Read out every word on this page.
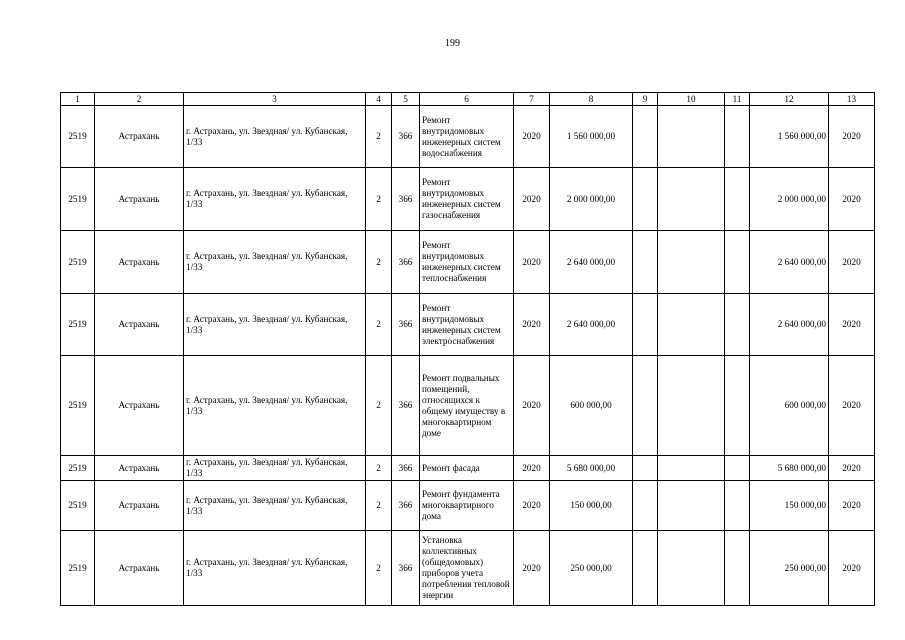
199
1	2	3	4	5	6	7	8	9	10	11	12	13
2519	Астрахань	г. Астрахань, ул. Звездная/ ул. Кубанская, 1/33	2	366	Ремонт внутридомовых инженерных систем водоснабжения	2020	1 560 000,00				1 560 000,00	2020
2519	Астрахань	г. Астрахань, ул. Звездная/ ул. Кубанская, 1/33	2	366	Ремонт внутридомовых инженерных систем газоснабжения	2020	2 000 000,00				2 000 000,00	2020
2519	Астрахань	г. Астрахань, ул. Звездная/ ул. Кубанская, 1/33	2	366	Ремонт внутридомовых инженерных систем теплоснабжения	2020	2 640 000,00				2 640 000,00	2020
2519	Астрахань	г. Астрахань, ул. Звездная/ ул. Кубанская, 1/33	2	366	Ремонт внутридомовых инженерных систем электроснабжения	2020	2 640 000,00				2 640 000,00	2020
2519	Астрахань	г. Астрахань, ул. Звездная/ ул. Кубанская, 1/33	2	366	Ремонт подвальных помещений, относящихся к общему имуществу в многоквартирном доме	2020	600 000,00				600 000,00	2020
2519	Астрахань	г. Астрахань, ул. Звездная/ ул. Кубанская, 1/33	2	366	Ремонт фасада	2020	5 680 000,00				5 680 000,00	2020
2519	Астрахань	г. Астрахань, ул. Звездная/ ул. Кубанская, 1/33	2	366	Ремонт фундамента многоквартирного дома	2020	150 000,00				150 000,00	2020
2519	Астрахань	г. Астрахань, ул. Звездная/ ул. Кубанская, 1/33	2	366	Установка коллективных (общедомовых) приборов учета потребления тепловой энергии	2020	250 000,00				250 000,00	2020
